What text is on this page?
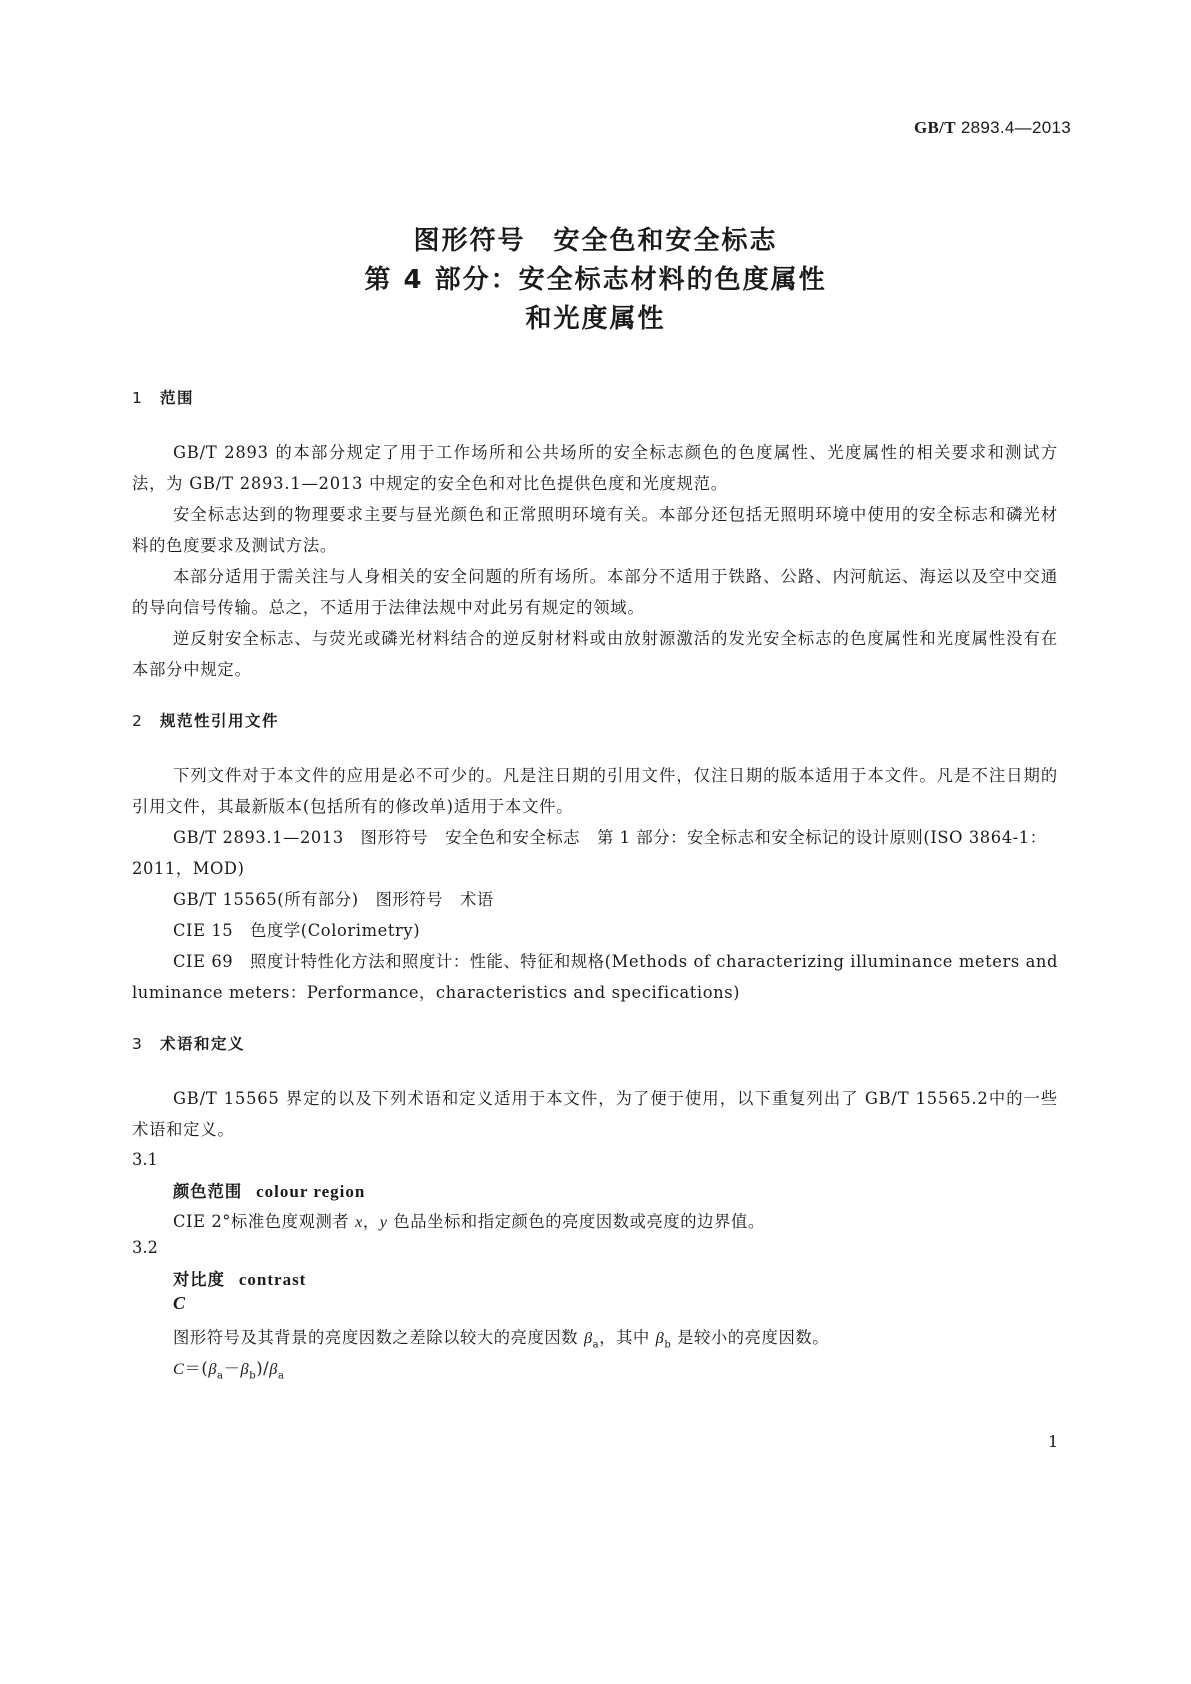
GB/T 2893.4—2013
图形符号　安全色和安全标志
第 4 部分：安全标志材料的色度属性
和光度属性
1 范围

GB/T 2893 的本部分规定了用于工作场所和公共场所的安全标志颜色的色度属性、光度属性的相关要求和测试方法，为 GB/T 2893.1—2013 中规定的安全色和对比色提供色度和光度规范。

安全标志达到的物理要求主要与昼光颜色和正常照明环境有关。本部分还包括无照明环境中使用的安全标志和磷光材料的色度要求及测试方法。

本部分适用于需关注与人身相关的安全问题的所有场所。本部分不适用于铁路、公路、内河航运、海运以及空中交通的导向信号传输。总之，不适用于法律法规中对此另有规定的领域。

逆反射安全标志、与荧光或磷光材料结合的逆反射材料或由放射源激活的发光安全标志的色度属性和光度属性没有在本部分中规定。

2 规范性引用文件

下列文件对于本文件的应用是必不可少的。凡是注日期的引用文件，仅注日期的版本适用于本文件。凡是不注日期的引用文件，其最新版本(包括所有的修改单)适用于本文件。

GB/T 2893.1—2013　图形符号　安全色和安全标志　第 1 部分：安全标志和安全标记的设计原则(ISO 3864-1：2011，MOD)

GB/T 15565(所有部分)　图形符号　术语

CIE 15　色度学(Colorimetry)

CIE 69　照度计特性化方法和照度计：性能、特征和规格(Methods of characterizing illuminance meters and luminance meters：Performance，characteristics and specifications)

3 术语和定义

GB/T 15565 界定的以及下列术语和定义适用于本文件，为了便于使用，以下重复列出了 GB/T 15565.2中的一些术语和定义。

3.1
颜色范围 colour region
CIE 2°标准色度观测者 x，y 色品坐标和指定颜色的亮度因数或亮度的边界值。
3.2
对比度 contrast
C
图形符号及其背景的亮度因数之差除以较大的亮度因数 $\beta_a$，其中 $\beta_b$ 是较小的亮度因数。
$C=(\beta_a-\beta_b)/\beta_a$
1
